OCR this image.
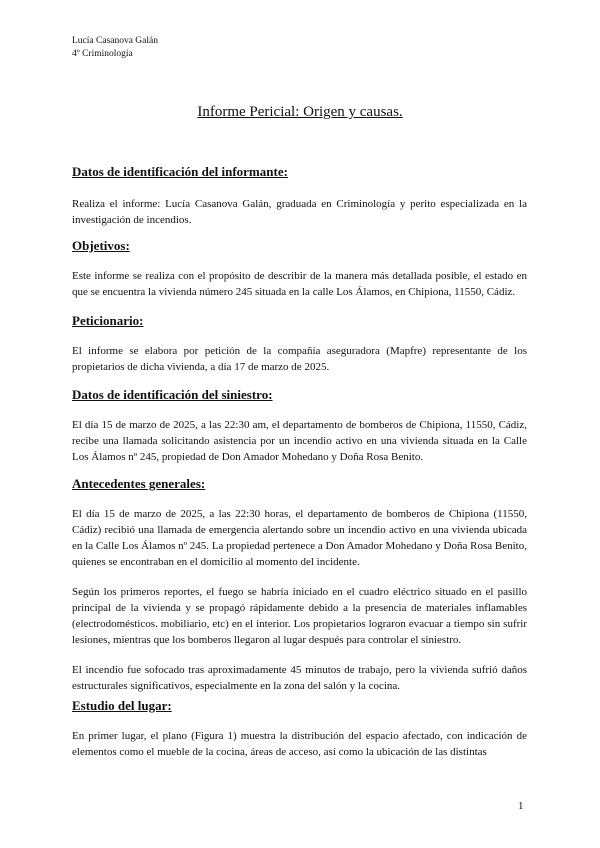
Lucía Casanova Galán
4º Criminología
Informe Pericial: Origen y causas.

Datos de identificación del informante:

Realiza el informe: Lucía Casanova Galán, graduada en Criminología y perito especializada en la investigación de incendios.

Objetivos:

Este informe se realiza con el propósito de describir de la manera más detallada posible, el estado en que se encuentra la vivienda número 245 situada en la calle Los Álamos, en Chipiona, 11550, Cádiz.

Peticionario:

El informe se elabora por petición de la compañía aseguradora (Mapfre) representante de los propietarios de dicha vivienda, a día 17 de marzo de 2025.

Datos de identificación del siniestro:

El día 15 de marzo de 2025, a las 22:30 am, el departamento de bomberos de Chipiona, 11550, Cádiz, recibe una llamada solicitando asistencia por un incendio activo en una vivienda situada en la Calle Los Álamos nº 245, propiedad de Don Amador Mohedano y Doña Rosa Benito.

Antecedentes generales:

El día 15 de marzo de 2025, a las 22:30 horas, el departamento de bomberos de Chipiona (11550, Cádiz) recibió una llamada de emergencia alertando sobre un incendio activo en una vivienda ubicada en la Calle Los Álamos nº 245. La propiedad pertenece a Don Amador Mohedano y Doña Rosa Benito, quienes se encontraban en el domicilio al momento del incidente.

Según los primeros reportes, el fuego se habría iniciado en el cuadro eléctrico situado en el pasillo principal de la vivienda y se propagó rápidamente debido a la presencia de materiales inflamables (electrodomésticos. mobiliario, etc) en el interior. Los propietarios lograron evacuar a tiempo sin sufrir lesiones, mientras que los bomberos llegaron al lugar después para controlar el siniestro.

El incendio fue sofocado tras aproximadamente 45 minutos de trabajo, pero la vivienda sufrió daños estructurales significativos, especialmente en la zona del salón y la cocina.

Estudio del lugar:

En primer lugar, el plano (Figura 1) muestra la distribución del espacio afectado, con indicación de elementos como el mueble de la cocina, áreas de acceso, así como la ubicación de las distintas

1
